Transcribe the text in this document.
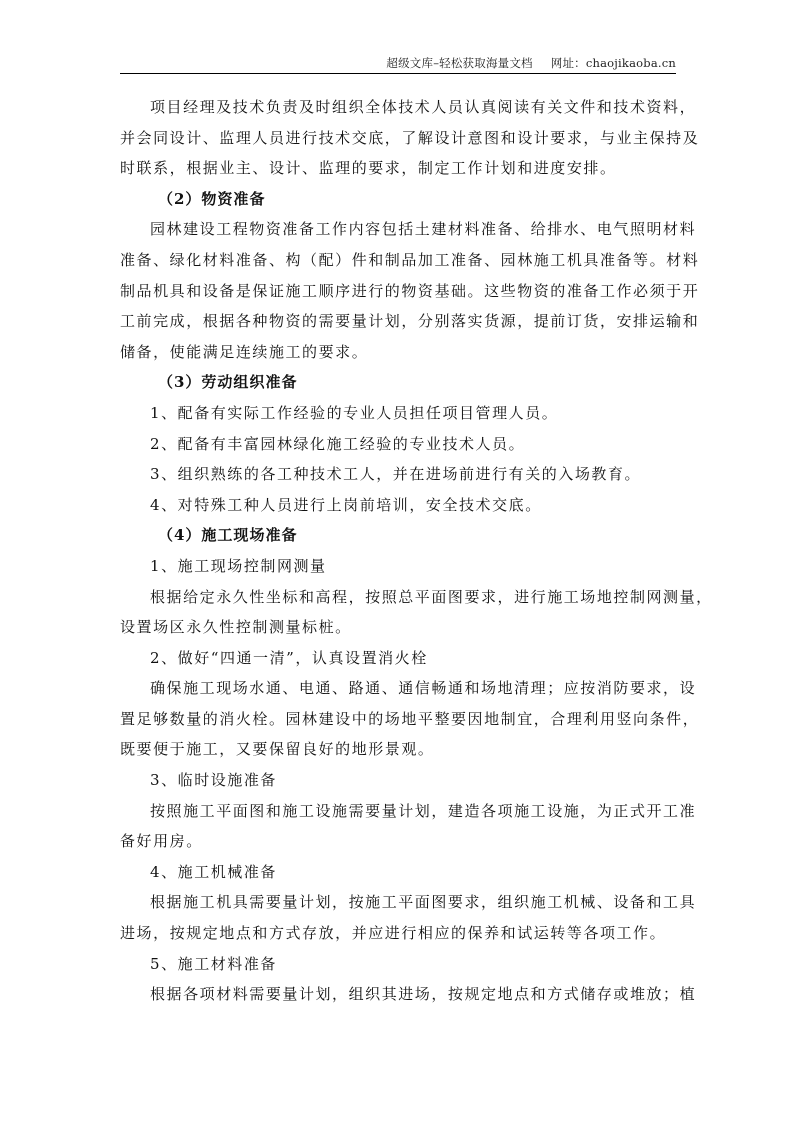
超级文库–轻松获取海量文档 网址：chaojikaoba.cn
项目经理及技术负责及时组织全体技术人员认真阅读有关文件和技术资料，
并会同设计、监理人员进行技术交底，了解设计意图和设计要求，与业主保持及
时联系，根据业主、设计、监理的要求，制定工作计划和进度安排。
（2）物资准备
园林建设工程物资准备工作内容包括土建材料准备、给排水、电气照明材料
准备、绿化材料准备、构（配）件和制品加工准备、园林施工机具准备等。材料
制品机具和设备是保证施工顺序进行的物资基础。这些物资的准备工作必须于开
工前完成，根据各种物资的需要量计划，分别落实货源，提前订货，安排运输和
储备，使能满足连续施工的要求。
（3）劳动组织准备
1、配备有实际工作经验的专业人员担任项目管理人员。
2、配备有丰富园林绿化施工经验的专业技术人员。
3、组织熟练的各工种技术工人，并在进场前进行有关的入场教育。
4、对特殊工种人员进行上岗前培训，安全技术交底。
（4）施工现场准备
1、施工现场控制网测量
根据给定永久性坐标和高程，按照总平面图要求，进行施工场地控制网测量，
设置场区永久性控制测量标桩。
2、做好“四通一清”，认真设置消火栓
确保施工现场水通、电通、路通、通信畅通和场地清理；应按消防要求，设
置足够数量的消火栓。园林建设中的场地平整要因地制宜，合理利用竖向条件，
既要便于施工，又要保留良好的地形景观。
3、临时设施准备
按照施工平面图和施工设施需要量计划，建造各项施工设施，为正式开工准
备好用房。
4、施工机械准备
根据施工机具需要量计划，按施工平面图要求，组织施工机械、设备和工具
进场，按规定地点和方式存放，并应进行相应的保养和试运转等各项工作。
5、施工材料准备
根据各项材料需要量计划，组织其进场，按规定地点和方式储存或堆放；植
